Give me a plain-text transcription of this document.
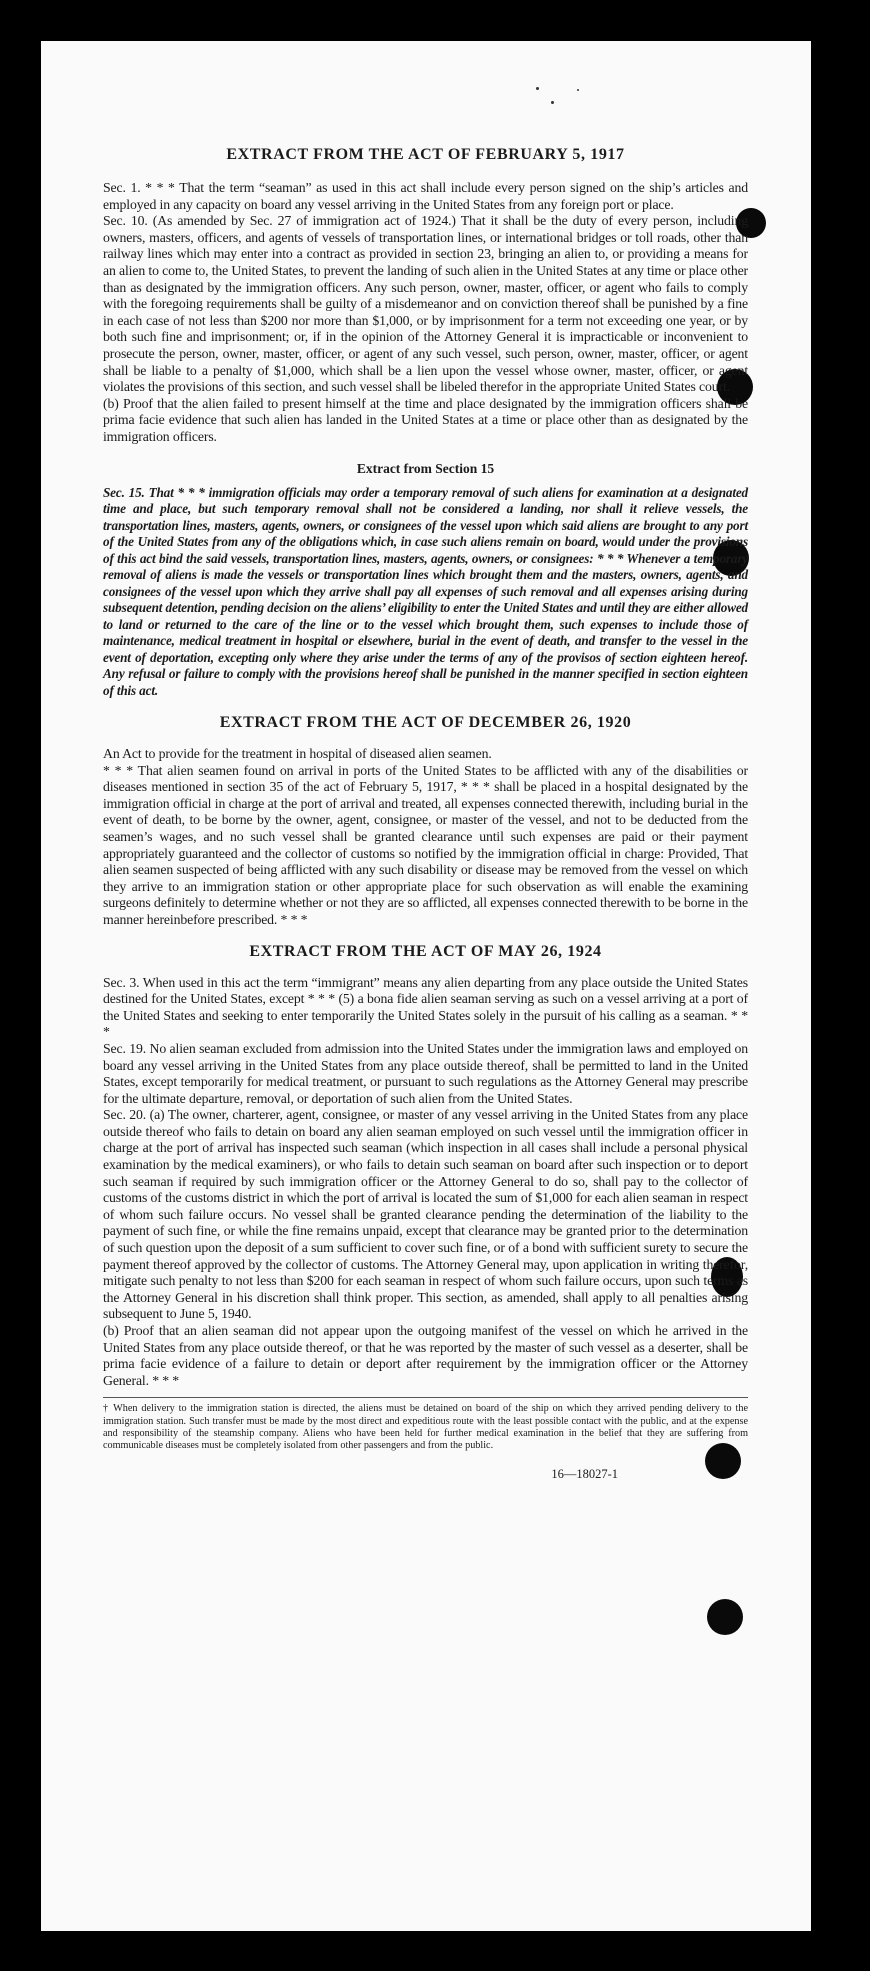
EXTRACT FROM THE ACT OF FEBRUARY 5, 1917

Sec. 1. * * * That the term “seaman” as used in this act shall include every person signed on the ship’s articles and employed in any capacity on board any vessel arriving in the United States from any foreign port or place.

Sec. 10. (As amended by Sec. 27 of immigration act of 1924.) That it shall be the duty of every person, including owners, masters, officers, and agents of vessels of transportation lines, or international bridges or toll roads, other than railway lines which may enter into a contract as provided in section 23, bringing an alien to, or providing a means for an alien to come to, the United States, to prevent the landing of such alien in the United States at any time or place other than as designated by the immigration officers. Any such person, owner, master, officer, or agent who fails to comply with the foregoing requirements shall be guilty of a misdemeanor and on conviction thereof shall be punished by a fine in each case of not less than $200 nor more than $1,000, or by imprisonment for a term not exceeding one year, or by both such fine and imprisonment; or, if in the opinion of the Attorney General it is impracticable or inconvenient to prosecute the person, owner, master, officer, or agent of any such vessel, such person, owner, master, officer, or agent shall be liable to a penalty of $1,000, which shall be a lien upon the vessel whose owner, master, officer, or agent violates the provisions of this section, and such vessel shall be libeled therefor in the appropriate United States court.

(b) Proof that the alien failed to present himself at the time and place designated by the immigration officers shall be prima facie evidence that such alien has landed in the United States at a time or place other than as designated by the immigration officers.

Extract from Section 15

Sec. 15. That * * * immigration officials may order a temporary removal of such aliens for examination at a designated time and place, but such temporary removal shall not be considered a landing, nor shall it relieve vessels, the transportation lines, masters, agents, owners, or consignees of the vessel upon which said aliens are brought to any port of the United States from any of the obligations which, in case such aliens remain on board, would under the provisions of this act bind the said vessels, transportation lines, masters, agents, owners, or consignees: * * * Whenever a temporary removal of aliens is made the vessels or transportation lines which brought them and the masters, owners, agents, and consignees of the vessel upon which they arrive shall pay all expenses of such removal and all expenses arising during subsequent detention, pending decision on the aliens’ eligibility to enter the United States and until they are either allowed to land or returned to the care of the line or to the vessel which brought them, such expenses to include those of maintenance, medical treatment in hospital or elsewhere, burial in the event of death, and transfer to the vessel in the event of deportation, excepting only where they arise under the terms of any of the provisos of section eighteen hereof. Any refusal or failure to comply with the provisions hereof shall be punished in the manner specified in section eighteen of this act.

EXTRACT FROM THE ACT OF DECEMBER 26, 1920

An Act to provide for the treatment in hospital of diseased alien seamen.

* * * That alien seamen found on arrival in ports of the United States to be afflicted with any of the disabilities or diseases mentioned in section 35 of the act of February 5, 1917, * * * shall be placed in a hospital designated by the immigration official in charge at the port of arrival and treated, all expenses connected therewith, including burial in the event of death, to be borne by the owner, agent, consignee, or master of the vessel, and not to be deducted from the seamen’s wages, and no such vessel shall be granted clearance until such expenses are paid or their payment appropriately guaranteed and the collector of customs so notified by the immigration official in charge: Provided, That alien seamen suspected of being afflicted with any such disability or disease may be removed from the vessel on which they arrive to an immigration station or other appropriate place for such observation as will enable the examining surgeons definitely to determine whether or not they are so afflicted, all expenses connected therewith to be borne in the manner hereinbefore prescribed. * * *

EXTRACT FROM THE ACT OF MAY 26, 1924

Sec. 3. When used in this act the term “immigrant” means any alien departing from any place outside the United States destined for the United States, except * * * (5) a bona fide alien seaman serving as such on a vessel arriving at a port of the United States and seeking to enter temporarily the United States solely in the pursuit of his calling as a seaman. * * *

Sec. 19. No alien seaman excluded from admission into the United States under the immigration laws and employed on board any vessel arriving in the United States from any place outside thereof, shall be permitted to land in the United States, except temporarily for medical treatment, or pursuant to such regulations as the Attorney General may prescribe for the ultimate departure, removal, or deportation of such alien from the United States.

Sec. 20. (a) The owner, charterer, agent, consignee, or master of any vessel arriving in the United States from any place outside thereof who fails to detain on board any alien seaman employed on such vessel until the immigration officer in charge at the port of arrival has inspected such seaman (which inspection in all cases shall include a personal physical examination by the medical examiners), or who fails to detain such seaman on board after such inspection or to deport such seaman if required by such immigration officer or the Attorney General to do so, shall pay to the collector of customs of the customs district in which the port of arrival is located the sum of $1,000 for each alien seaman in respect of whom such failure occurs. No vessel shall be granted clearance pending the determination of the liability to the payment of such fine, or while the fine remains unpaid, except that clearance may be granted prior to the determination of such question upon the deposit of a sum sufficient to cover such fine, or of a bond with sufficient surety to secure the payment thereof approved by the collector of customs. The Attorney General may, upon application in writing therefor, mitigate such penalty to not less than $200 for each seaman in respect of whom such failure occurs, upon such terms as the Attorney General in his discretion shall think proper. This section, as amended, shall apply to all penalties arising subsequent to June 5, 1940.

(b) Proof that an alien seaman did not appear upon the outgoing manifest of the vessel on which he arrived in the United States from any place outside thereof, or that he was reported by the master of such vessel as a deserter, shall be prima facie evidence of a failure to detain or deport after requirement by the immigration officer or the Attorney General. * * *

† When delivery to the immigration station is directed, the aliens must be detained on board of the ship on which they arrived pending delivery to the immigration station. Such transfer must be made by the most direct and expeditious route with the least possible contact with the public, and at the expense and responsibility of the steamship company. Aliens who have been held for further medical examination in the belief that they are suffering from communicable diseases must be completely isolated from other passengers and from the public.

16—18027-1
